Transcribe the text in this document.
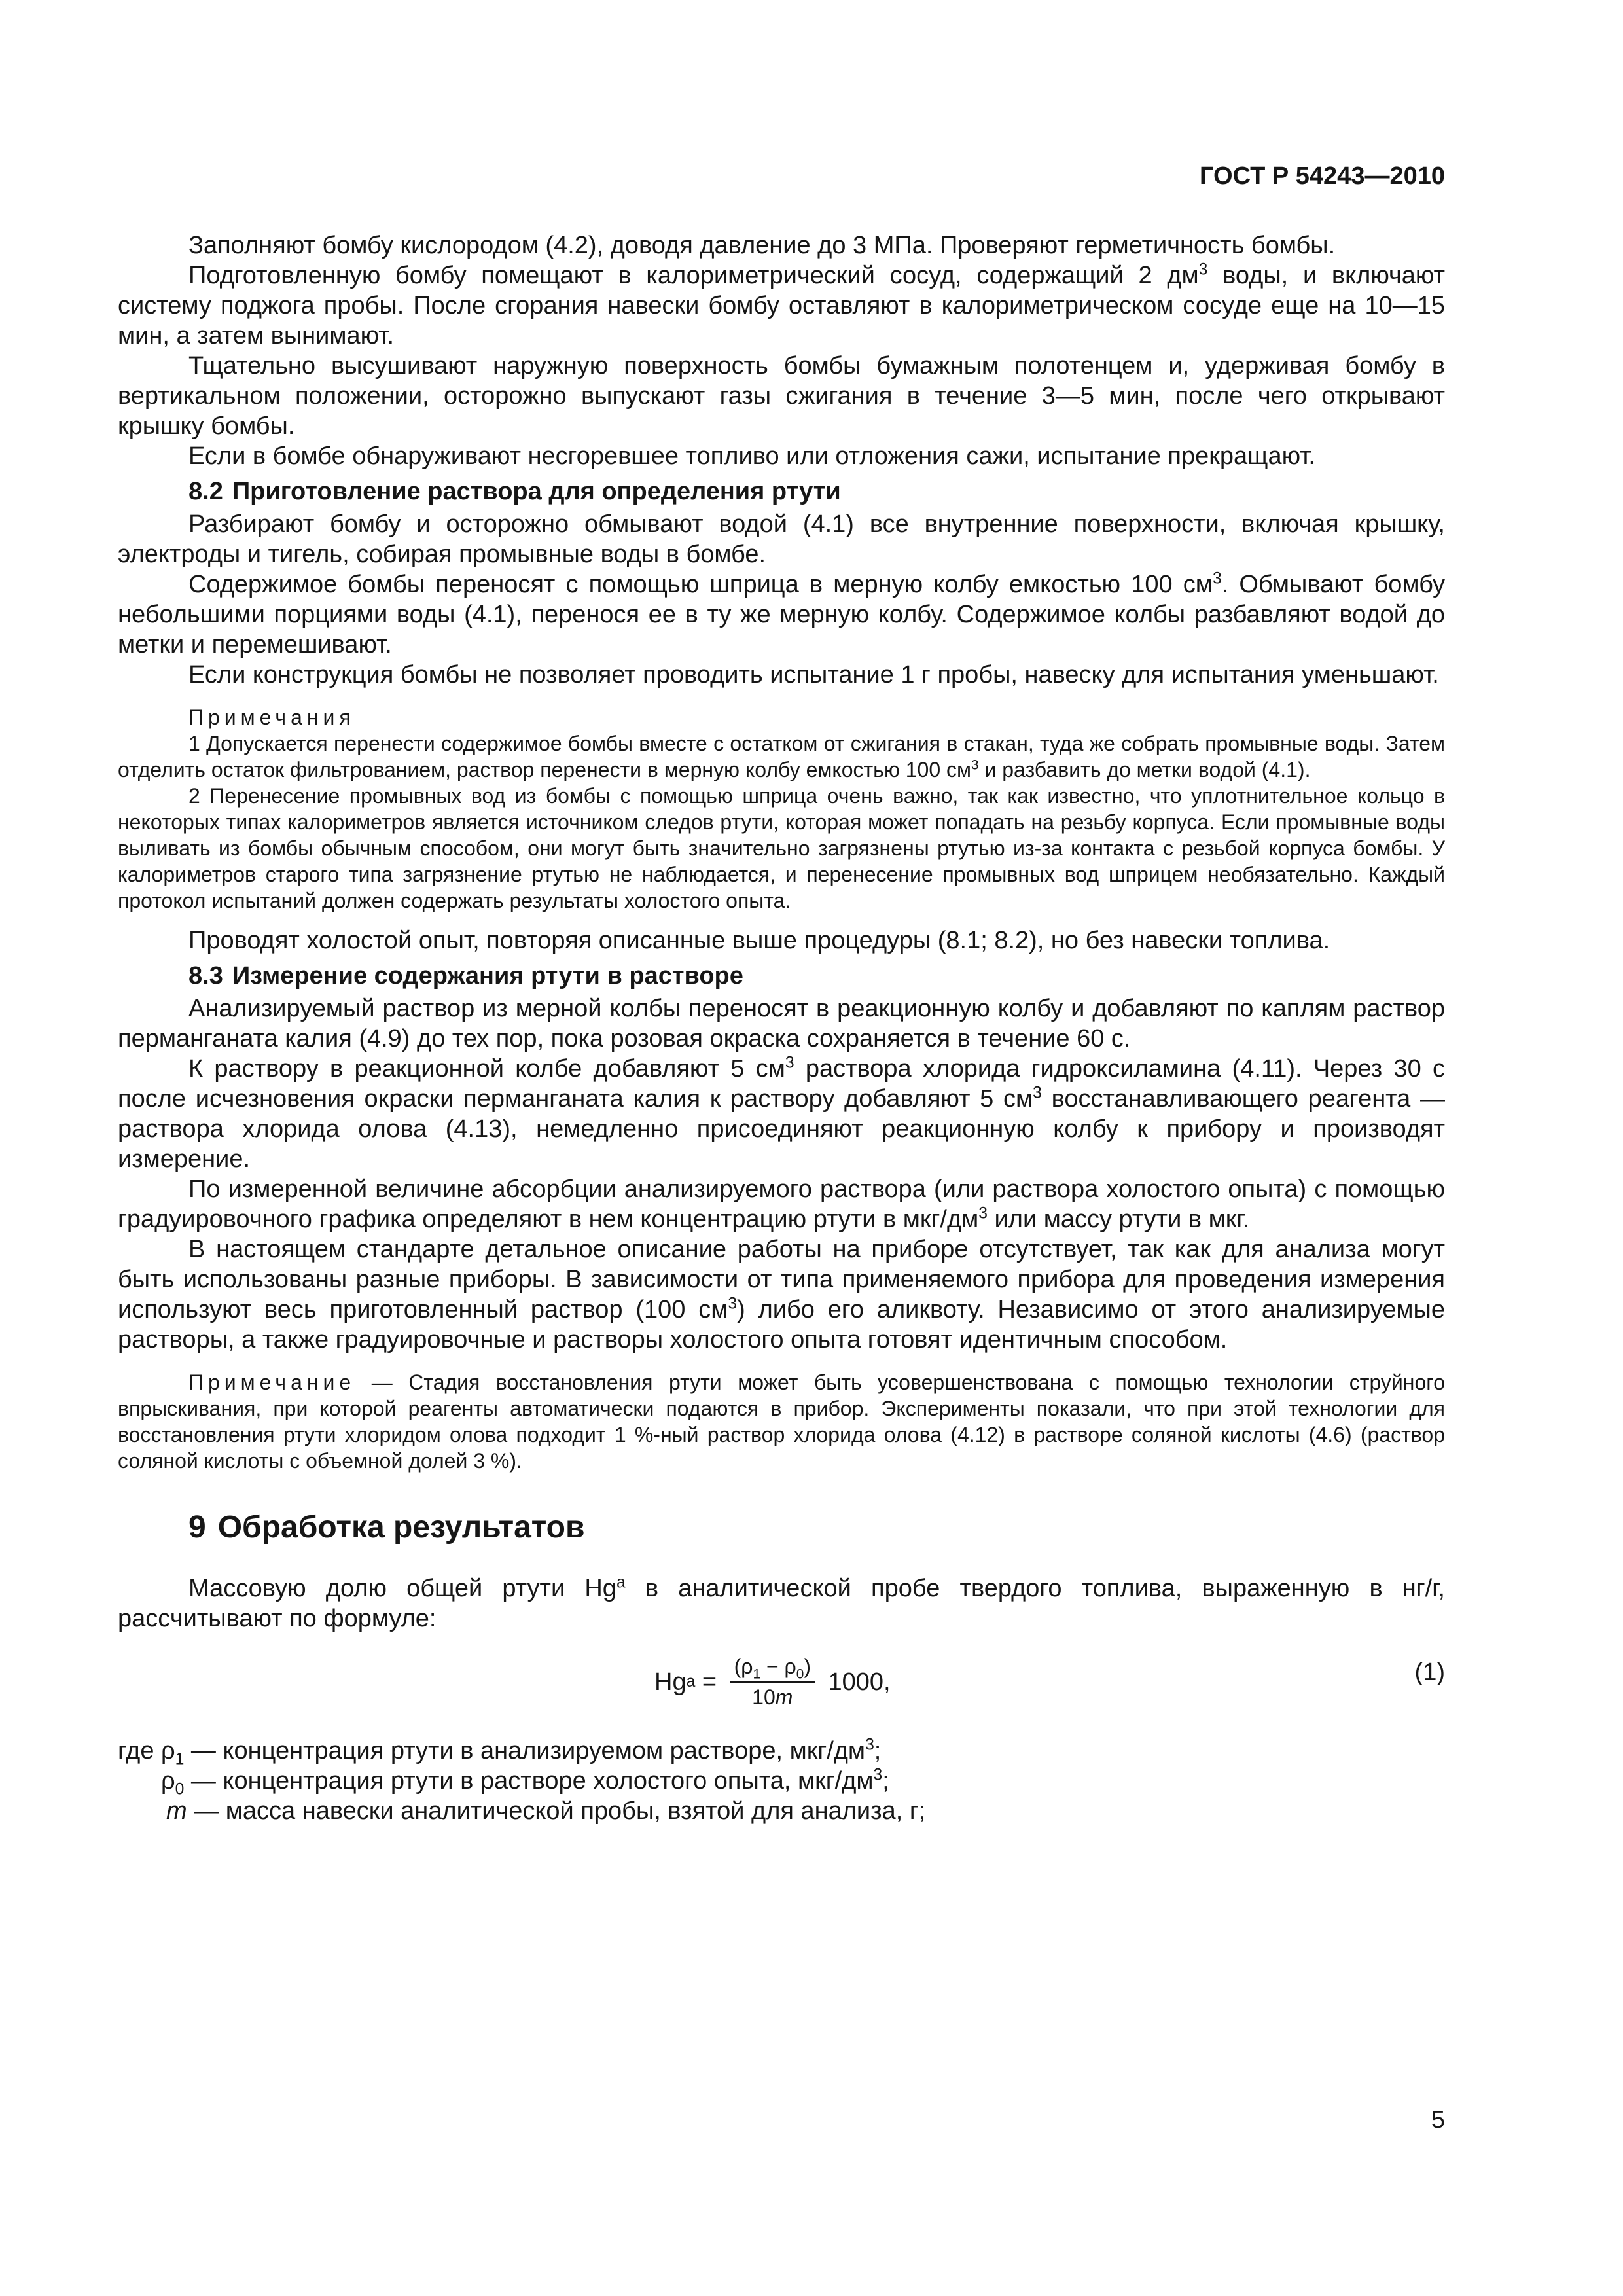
ГОСТ Р 54243—2010

Заполняют бомбу кислородом (4.2), доводя давление до 3 МПа. Проверяют герметичность бомбы.

Подготовленную бомбу помещают в калориметрический сосуд, содержащий 2 $дм^3$ воды, и включают систему поджога пробы. После сгорания навески бомбу оставляют в калориметрическом сосуде еще на 10—15 мин, а затем вынимают.

Тщательно высушивают наружную поверхность бомбы бумажным полотенцем и, удерживая бомбу в вертикальном положении, осторожно выпускают газы сжигания в течение 3—5 мин, после чего открывают крышку бомбы.

Если в бомбе обнаруживают несгоревшее топливо или отложения сажи, испытание прекращают.

8.2 Приготовление раствора для определения ртути

Разбирают бомбу и осторожно обмывают водой (4.1) все внутренние поверхности, включая крышку, электроды и тигель, собирая промывные воды в бомбе.

Содержимое бомбы переносят с помощью шприца в мерную колбу емкостью 100 $см^3$. Обмывают бомбу небольшими порциями воды (4.1), перенося ее в ту же мерную колбу. Содержимое колбы разбавляют водой до метки и перемешивают.

Если конструкция бомбы не позволяет проводить испытание 1 г пробы, навеску для испытания уменьшают.

Примечания

1 Допускается перенести содержимое бомбы вместе с остатком от сжигания в стакан, туда же собрать промывные воды. Затем отделить остаток фильтрованием, раствор перенести в мерную колбу емкостью 100 $см^3$ и разбавить до метки водой (4.1).

2 Перенесение промывных вод из бомбы с помощью шприца очень важно, так как известно, что уплотнительное кольцо в некоторых типах калориметров является источником следов ртути, которая может попадать на резьбу корпуса. Если промывные воды выливать из бомбы обычным способом, они могут быть значительно загрязнены ртутью из-за контакта с резьбой корпуса бомбы. У калориметров старого типа загрязнение ртутью не наблюдается, и перенесение промывных вод шприцем необязательно. Каждый протокол испытаний должен содержать результаты холостого опыта.

Проводят холостой опыт, повторяя описанные выше процедуры (8.1; 8.2), но без навески топлива.

8.3 Измерение содержания ртути в растворе

Анализируемый раствор из мерной колбы переносят в реакционную колбу и добавляют по каплям раствор перманганата калия (4.9) до тех пор, пока розовая окраска сохраняется в течение 60 с.

К раствору в реакционной колбе добавляют 5 $см^3$ раствора хлорида гидроксиламина (4.11). Через 30 с после исчезновения окраски перманганата калия к раствору добавляют 5 $см^3$ восстанавливающего реагента — раствора хлорида олова (4.13), немедленно присоединяют реакционную колбу к прибору и производят измерение.

По измеренной величине абсорбции анализируемого раствора (или раствора холостого опыта) с помощью градуировочного графика определяют в нем концентрацию ртути в мкг/$дм^3$ или массу ртути в мкг.

В настоящем стандарте детальное описание работы на приборе отсутствует, так как для анализа могут быть использованы разные приборы. В зависимости от типа применяемого прибора для проведения измерения используют весь приготовленный раствор (100 $см^3$) либо его аликвоту. Независимо от этого анализируемые растворы, а также градуировочные и растворы холостого опыта готовят идентичным способом.

Примечание — Стадия восстановления ртути может быть усовершенствована с помощью технологии струйного впрыскивания, при которой реагенты автоматически подаются в прибор. Эксперименты показали, что при этой технологии для восстановления ртути хлоридом олова подходит 1 %-ный раствор хлорида олова (4.12) в растворе соляной кислоты (4.6) (раствор соляной кислоты с объемной долей 3 %).

9 Обработка результатов

Массовую долю общей ртути Hg$^a$ в аналитической пробе твердого топлива, выраженную в нг/г, рассчитывают по формуле:

Hg $a = \frac{(\rho_1 - \rho_0)}{10m} 1000$,	(1)

где $\rho_1$ — концентрация ртути в анализируемом растворе, мкг/$дм^3$;

$\rho_0$ — концентрация ртути в растворе холостого опыта, мкг/$дм^3$;

m — масса навески аналитической пробы, взятой для анализа, г;

5
